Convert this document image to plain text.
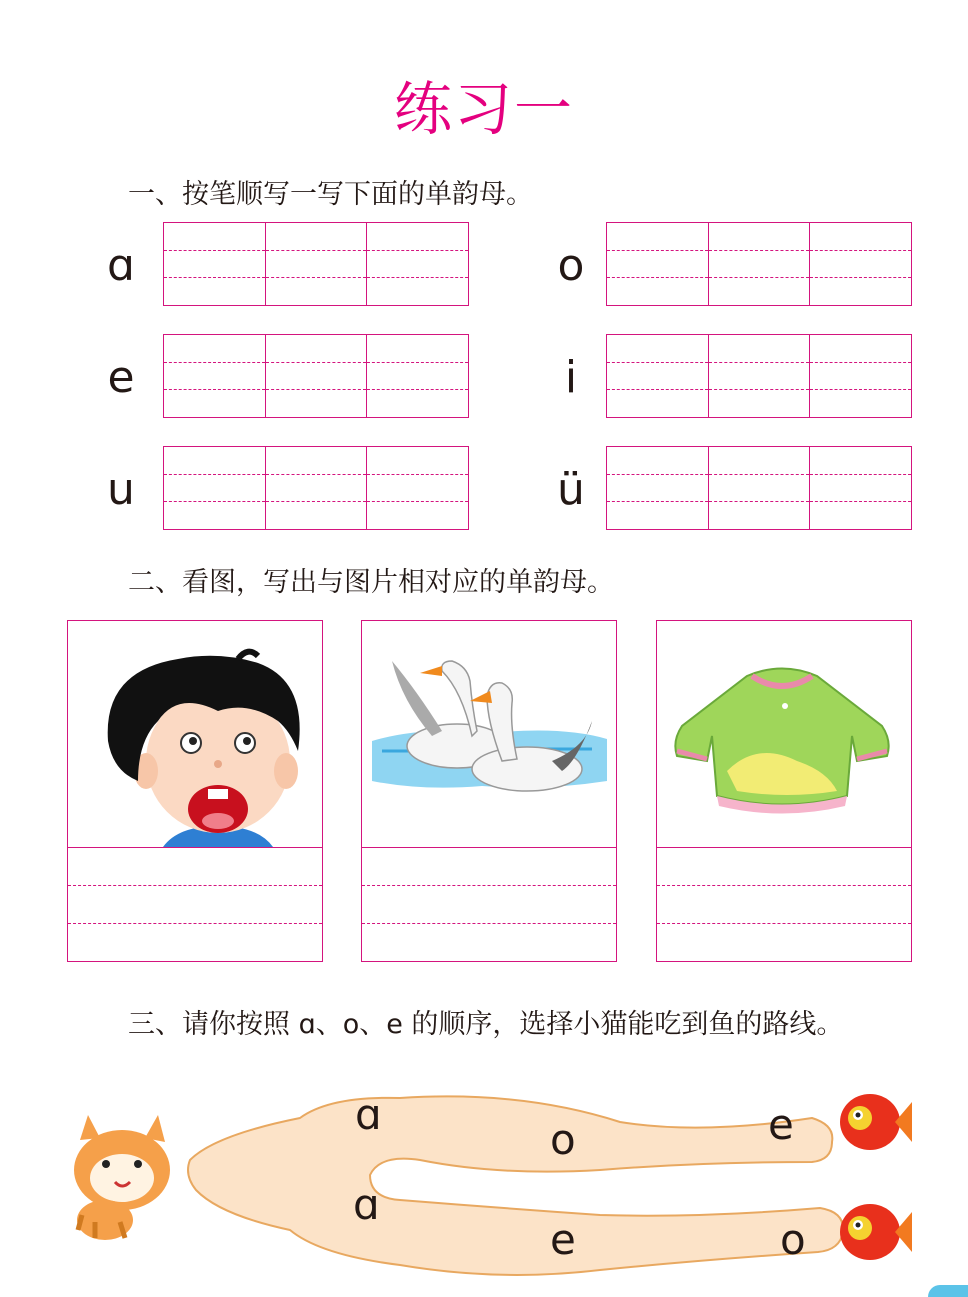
练习一
一、按笔顺写一写下面的单韵母。
ɑ	o
e	i
u	ü
二、看图，写出与图片相对应的单韵母。
三、请你按照 ɑ、o、e 的顺序，选择小猫能吃到鱼的路线。
ɑ
o	e
ɑ
e	o
